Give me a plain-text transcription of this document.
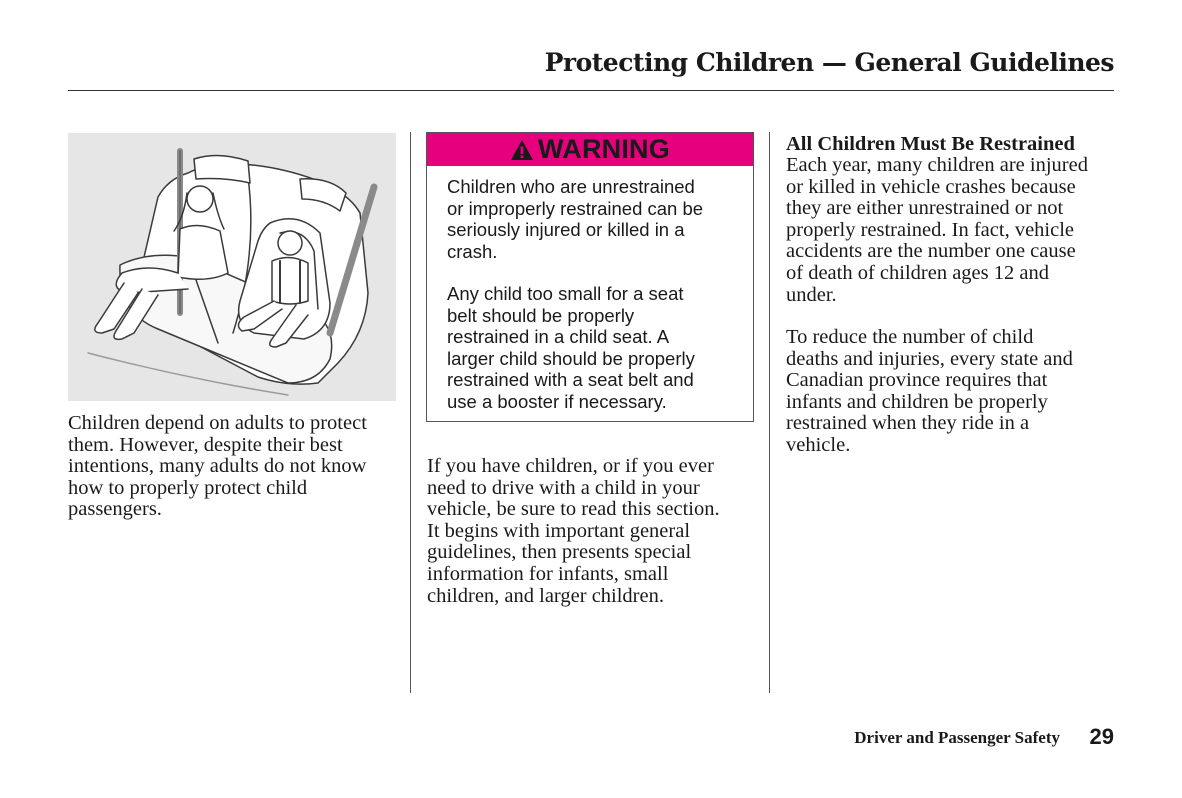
Protecting Children — General Guidelines

Children depend on adults to protect
them. However, despite their best
intentions, many adults do not know
how to properly protect child
passengers.

WARNING

Children who are unrestrained
or improperly restrained can be
seriously injured or killed in a
crash.

Any child too small for a seat
belt should be properly
restrained in a child seat. A
larger child should be properly
restrained with a seat belt and
use a booster if necessary.

If you have children, or if you ever
need to drive with a child in your
vehicle, be sure to read this section.
It begins with important general
guidelines, then presents special
information for infants, small
children, and larger children.

All Children Must Be Restrained

Each year, many children are injured
or killed in vehicle crashes because
they are either unrestrained or not
properly restrained. In fact, vehicle
accidents are the number one cause
of death of children ages 12 and
under.

To reduce the number of child
deaths and injuries, every state and
Canadian province requires that
infants and children be properly
restrained when they ride in a
vehicle.

Driver and Passenger Safety 29
